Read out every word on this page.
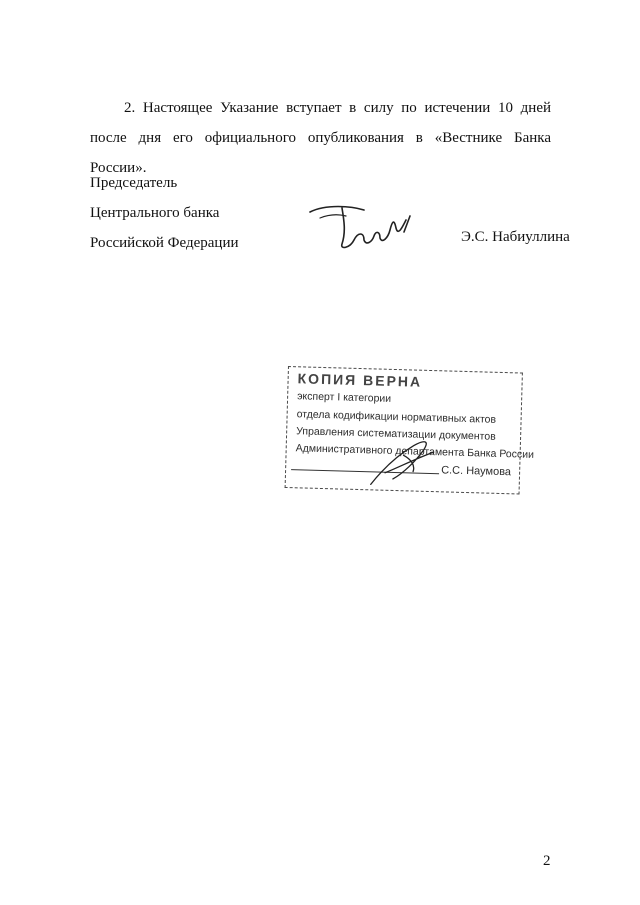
2. Настоящее Указание вступает в силу по истечении 10 дней после дня его официального опубликования в «Вестнике Банка России».

Председатель
Центрального банка
Российской Федерации	Э.С. Набиуллина
КОПИЯ ВЕРНА
эксперт I категории
отдела кодификации нормативных актов
Управления систематизации документов
Административного департамента Банка России
С.С. Наумова
2
